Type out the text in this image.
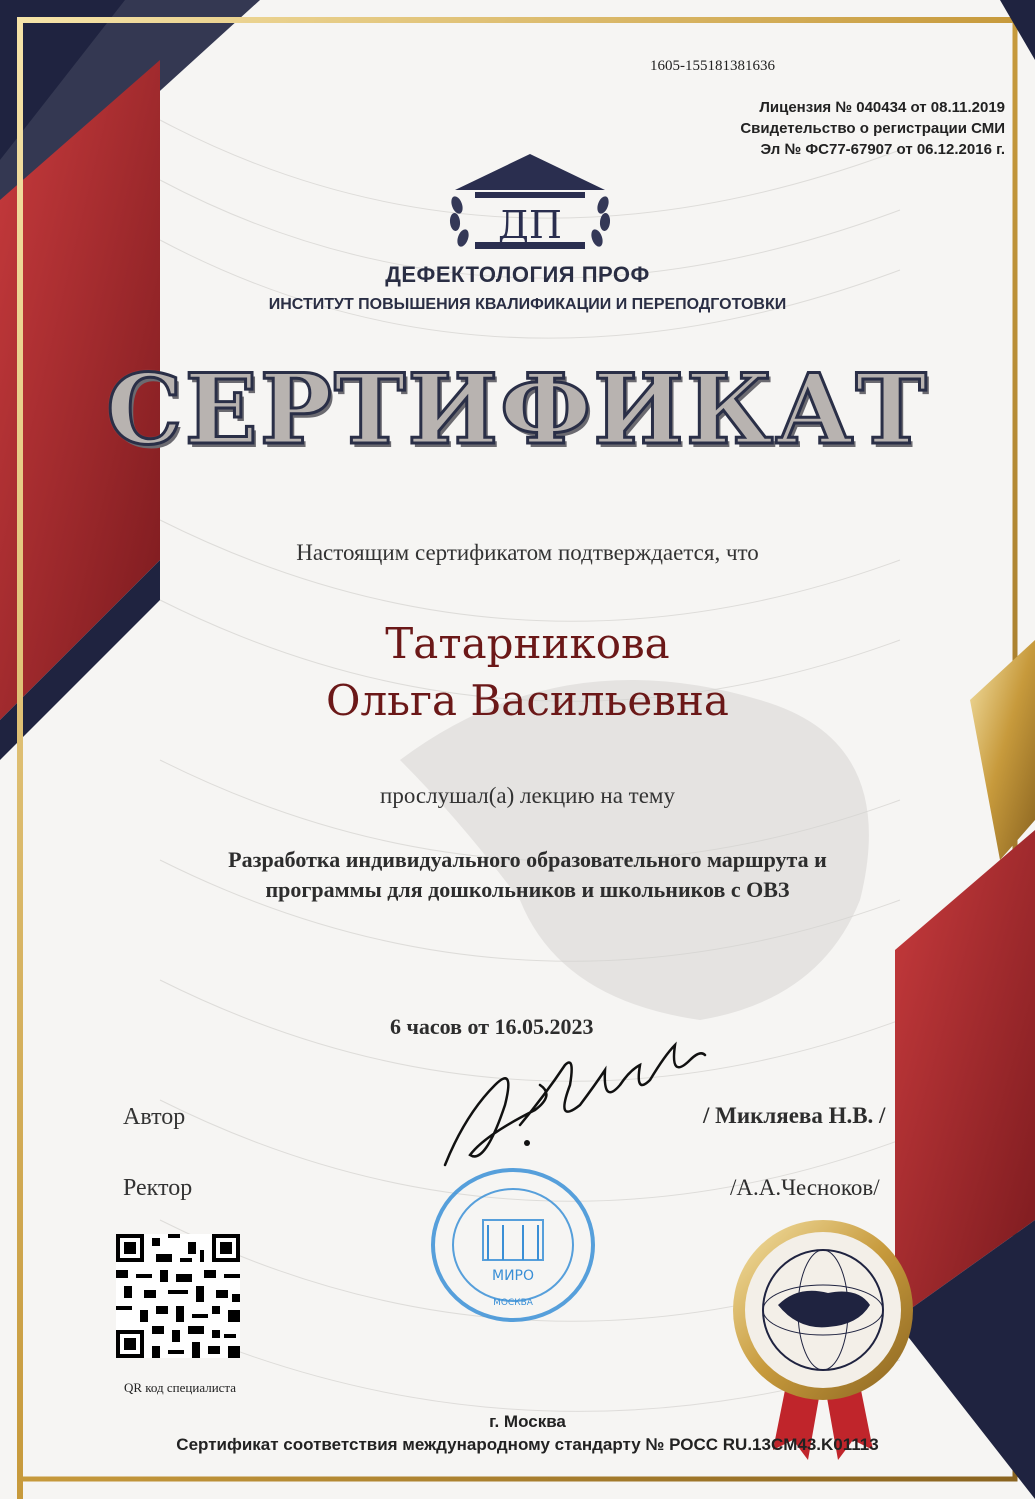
1605-155181381636
Лицензия № 040434 от 08.11.2019
Свидетельство о регистрации СМИ
Эл № ФС77-67907 от 06.12.2016 г.
ДП
ДЕФЕКТОЛОГИЯ ПРОФ
ИНСТИТУТ ПОВЫШЕНИЯ КВАЛИФИКАЦИИ И ПЕРЕПОДГОТОВКИ
СЕРТИФИКАТ
Настоящим сертификатом подтверждается, что
Татарникова
Ольга Васильевна
прослушал(а) лекцию на тему
Разработка индивидуального образовательного маршрута и
программы для дошкольников и школьников с ОВЗ
6 часов от 16.05.2023
Автор	/ Микляева Н.В. /
Ректор	/А.А.Чесноков/
МИРО
МОСКВА
QR код специалиста
г. Москва
Сертификат соответствия международному стандарту № РОСС RU.13CM43.K01113
